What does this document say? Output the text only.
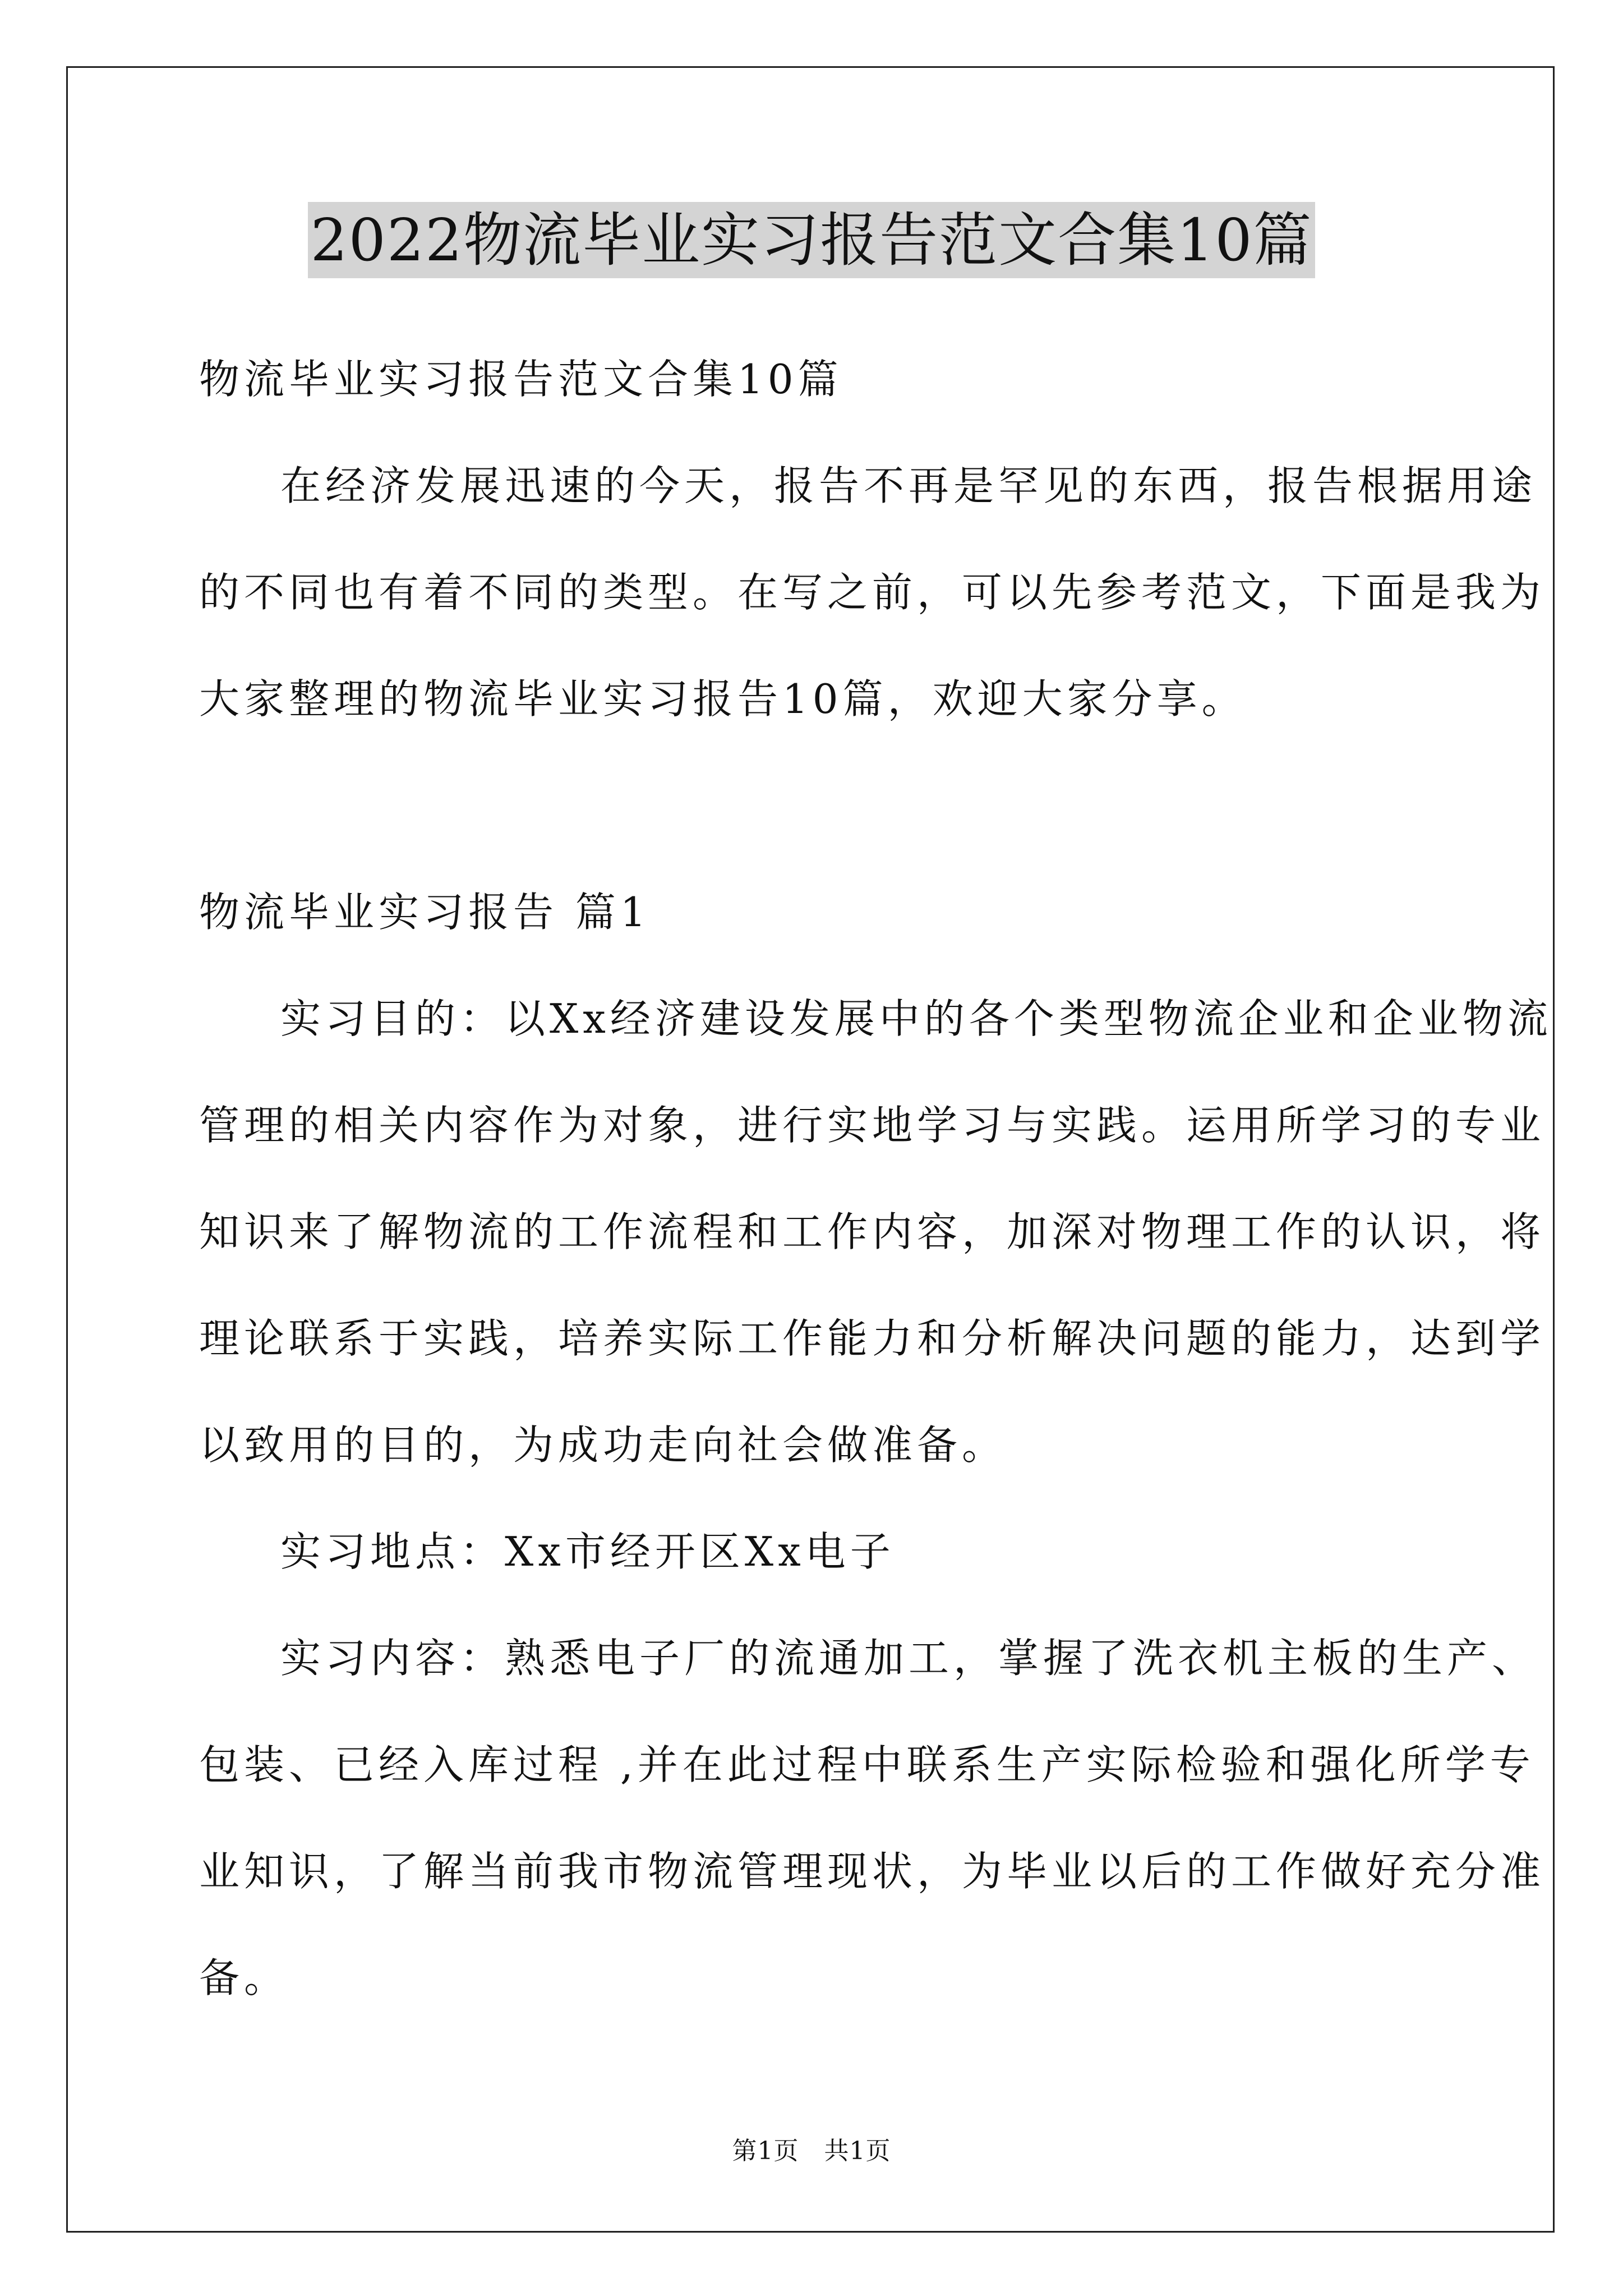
2022物流毕业实习报告范文合集10篇
物流毕业实习报告范文合集10篇
在经济发展迅速的今天，报告不再是罕见的东西，报告根据用途
的不同也有着不同的类型。在写之前，可以先参考范文，下面是我为
大家整理的物流毕业实习报告10篇，欢迎大家分享。
物流毕业实习报告 篇1
实习目的：以Xx经济建设发展中的各个类型物流企业和企业物流
管理的相关内容作为对象，进行实地学习与实践。运用所学习的专业
知识来了解物流的工作流程和工作内容，加深对物理工作的认识，将
理论联系于实践，培养实际工作能力和分析解决问题的能力，达到学
以致用的目的，为成功走向社会做准备。
实习地点：Xx市经开区Xx电子
实习内容：熟悉电子厂的流通加工，掌握了洗衣机主板的生产、
包装、已经入库过程 ,并在此过程中联系生产实际检验和强化所学专
业知识，了解当前我市物流管理现状，为毕业以后的工作做好充分准
备。
第1页　共1页
